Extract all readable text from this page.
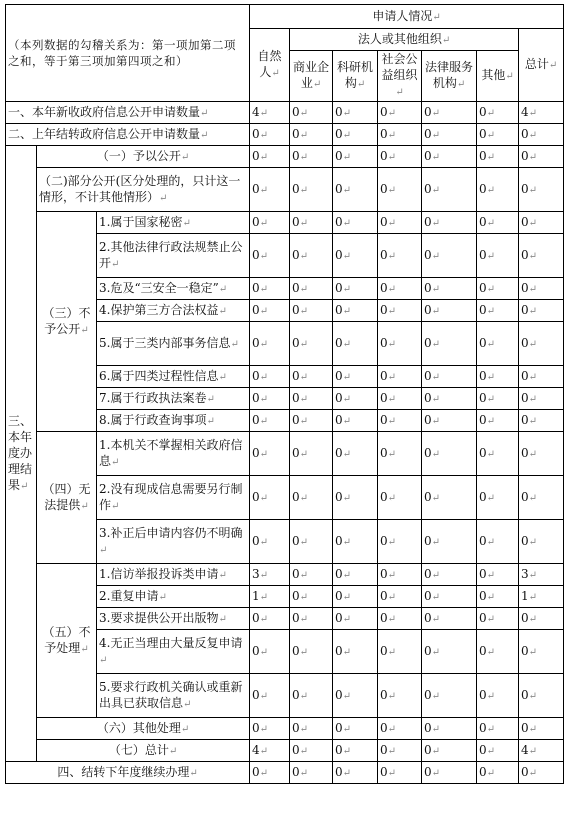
（本列数据的勾稽关系为：第一项加第二项之和，等于第三项加第四项之和）			申请人情况↵						
			自然人↵	法人或其他组织↵					总计↵
				商业企业↵	科研机构↵	社会公益组织↵	法律服务机构↵	其他↵	

一、本年新收政府信息公开申请数量↵			4↵	0↵	0↵	0↵	0↵	0↵	4↵
二、上年结转政府信息公开申请数量↵			0↵	0↵	0↵	0↵	0↵	0↵	0↵
三、本年度办理结果↵	（一）予以公开↵		0↵	0↵	0↵	0↵	0↵	0↵	0↵
	（二)部分公开(区分处理的，只计这一情形，不计其他情形）↵		0↵	0↵	0↵	0↵	0↵	0↵	0↵
	（三）不予公开↵	1.属于国家秘密↵	0↵	0↵	0↵	0↵	0↵	0↵	0↵
		2.其他法律行政法规禁止公开↵	0↵	0↵	0↵	0↵	0↵	0↵	0↵
		3.危及“三安全一稳定”↵	0↵	0↵	0↵	0↵	0↵	0↵	0↵
		4.保护第三方合法权益↵	0↵	0↵	0↵	0↵	0↵	0↵	0↵
		5.属于三类内部事务信息↵	0↵	0↵	0↵	0↵	0↵	0↵	0↵
		6.属于四类过程性信息↵	0↵	0↵	0↵	0↵	0↵	0↵	0↵
		7.属于行政执法案卷↵	0↵	0↵	0↵	0↵	0↵	0↵	0↵
		8.属于行政查询事项↵	0↵	0↵	0↵	0↵	0↵	0↵	0↵
	（四）无法提供↵	1.本机关不掌握相关政府信息↵	0↵	0↵	0↵	0↵	0↵	0↵	0↵
		2.没有现成信息需要另行制作↵	0↵	0↵	0↵	0↵	0↵	0↵	0↵
		3.补正后申请内容仍不明确↵	0↵	0↵	0↵	0↵	0↵	0↵	0↵
	（五）不予处理↵	1.信访举报投诉类申请↵	3↵	0↵	0↵	0↵	0↵	0↵	3↵
		2.重复申请↵	1↵	0↵	0↵	0↵	0↵	0↵	1↵
		3.要求提供公开出版物↵	0↵	0↵	0↵	0↵	0↵	0↵	0↵
		4.无正当理由大量反复申请↵	0↵	0↵	0↵	0↵	0↵	0↵	0↵
		5.要求行政机关确认或重新出具已获取信息↵	0↵	0↵	0↵	0↵	0↵	0↵	0↵
	（六）其他处理↵		0↵	0↵	0↵	0↵	0↵	0↵	0↵
	（七）总计↵		4↵	0↵	0↵	0↵	0↵	0↵	4↵
四、结转下年度继续办理↵			0↵	0↵	0↵	0↵	0↵	0↵	0↵
